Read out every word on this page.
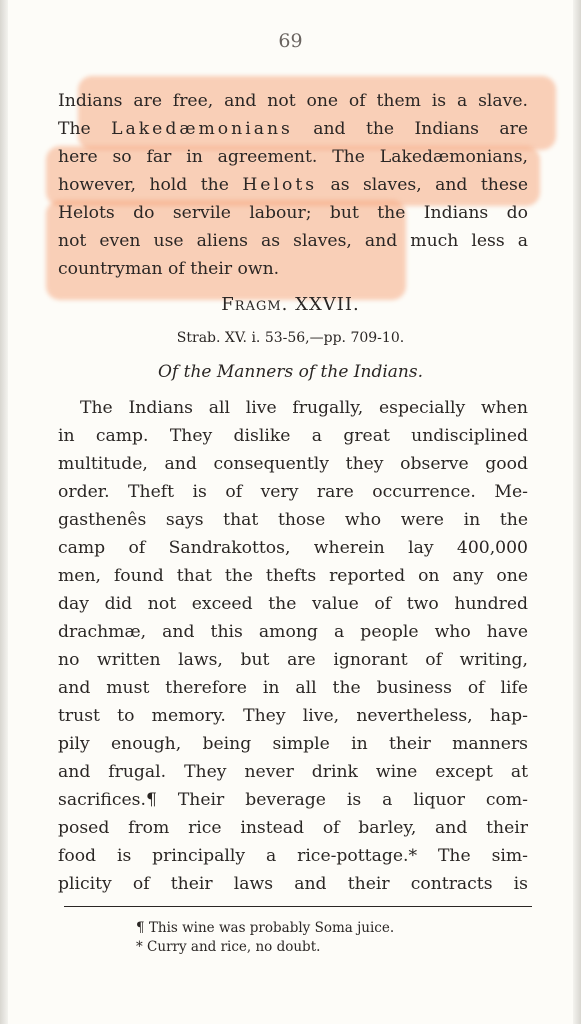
69
Indians are free, and not one of them is a slave.
The Lakedæmonians and the Indians are
here so far in agreement. The Lakedæmonians,
however, hold the Helots as slaves, and these
Helots do servile labour; but the Indians do
not even use aliens as slaves, and much less a
countryman of their own.
Fragm. XXVII.
Strab. XV. i. 53-56,—pp. 709-10.
Of the Manners of the Indians.
The Indians all live frugally, especially when
in camp. They dislike a great undisciplined
multitude, and consequently they observe good
order. Theft is of very rare occurrence. Me-
gasthenês says that those who were in the
camp of Sandrakottos, wherein lay 400,000
men, found that the thefts reported on any one
day did not exceed the value of two hundred
drachmæ, and this among a people who have
no written laws, but are ignorant of writing,
and must therefore in all the business of life
trust to memory. They live, nevertheless, hap-
pily enough, being simple in their manners
and frugal. They never drink wine except at
sacrifices.¶ Their beverage is a liquor com-
posed from rice instead of barley, and their
food is principally a rice-pottage.* The sim-
plicity of their laws and their contracts is
¶ This wine was probably Soma juice.
* Curry and rice, no doubt.
